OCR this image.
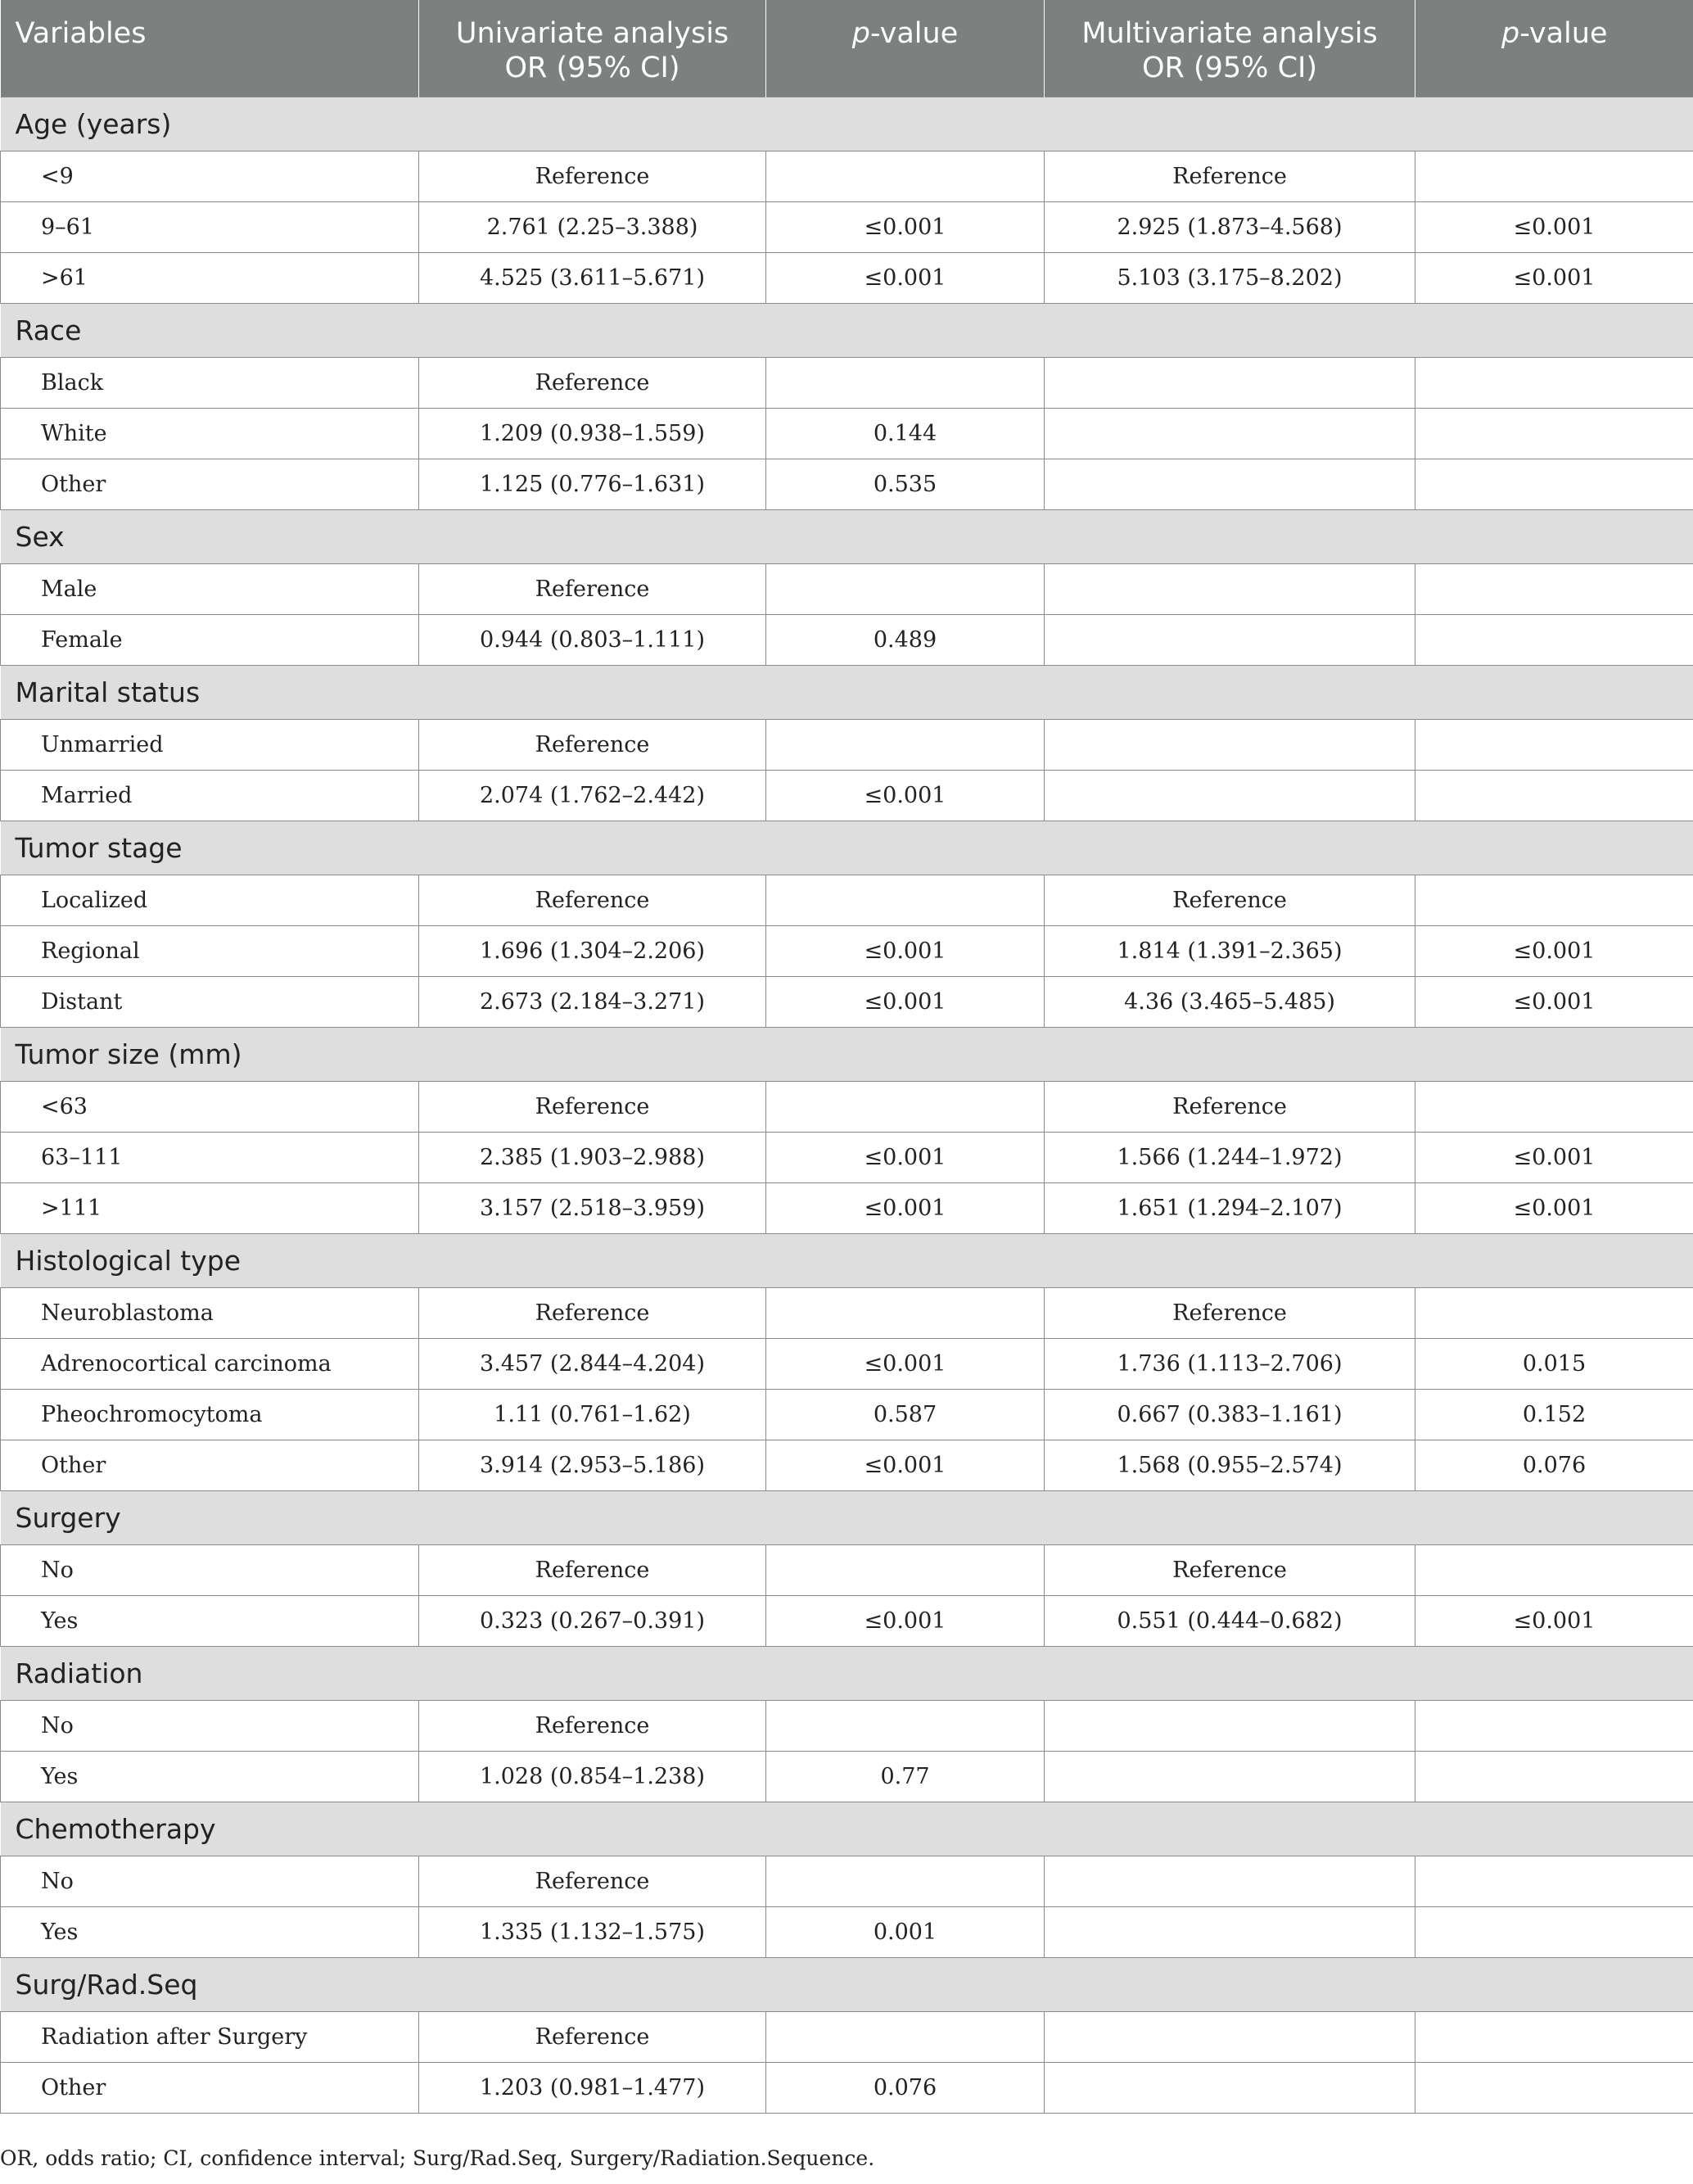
Variables	Univariate analysis OR (95% CI)	p-value	Multivariate analysis OR (95% CI)	p-value
Age (years)				
<9	Reference		Reference	
9–61	2.761 (2.25–3.388)	≤0.001	2.925 (1.873–4.568)	≤0.001
>61	4.525 (3.611–5.671)	≤0.001	5.103 (3.175–8.202)	≤0.001
Race				
Black	Reference			
White	1.209 (0.938–1.559)	0.144		
Other	1.125 (0.776–1.631)	0.535		
Sex				
Male	Reference			
Female	0.944 (0.803–1.111)	0.489		
Marital status				
Unmarried	Reference			
Married	2.074 (1.762–2.442)	≤0.001		
Tumor stage				
Localized	Reference		Reference	
Regional	1.696 (1.304–2.206)	≤0.001	1.814 (1.391–2.365)	≤0.001
Distant	2.673 (2.184–3.271)	≤0.001	4.36 (3.465–5.485)	≤0.001
Tumor size (mm)				
<63	Reference		Reference	
63–111	2.385 (1.903–2.988)	≤0.001	1.566 (1.244–1.972)	≤0.001
>111	3.157 (2.518–3.959)	≤0.001	1.651 (1.294–2.107)	≤0.001
Histological type				
Neuroblastoma	Reference		Reference	
Adrenocortical carcinoma	3.457 (2.844–4.204)	≤0.001	1.736 (1.113–2.706)	0.015
Pheochromocytoma	1.11 (0.761–1.62)	0.587	0.667 (0.383–1.161)	0.152
Other	3.914 (2.953–5.186)	≤0.001	1.568 (0.955–2.574)	0.076
Surgery				
No	Reference		Reference	
Yes	0.323 (0.267–0.391)	≤0.001	0.551 (0.444–0.682)	≤0.001
Radiation				
No	Reference			
Yes	1.028 (0.854–1.238)	0.77		
Chemotherapy				
No	Reference			
Yes	1.335 (1.132–1.575)	0.001		
Surg/Rad.Seq				
Radiation after Surgery	Reference			
Other	1.203 (0.981–1.477)	0.076		
OR, odds ratio; CI, confidence interval; Surg/Rad.Seq, Surgery/Radiation.Sequence.
